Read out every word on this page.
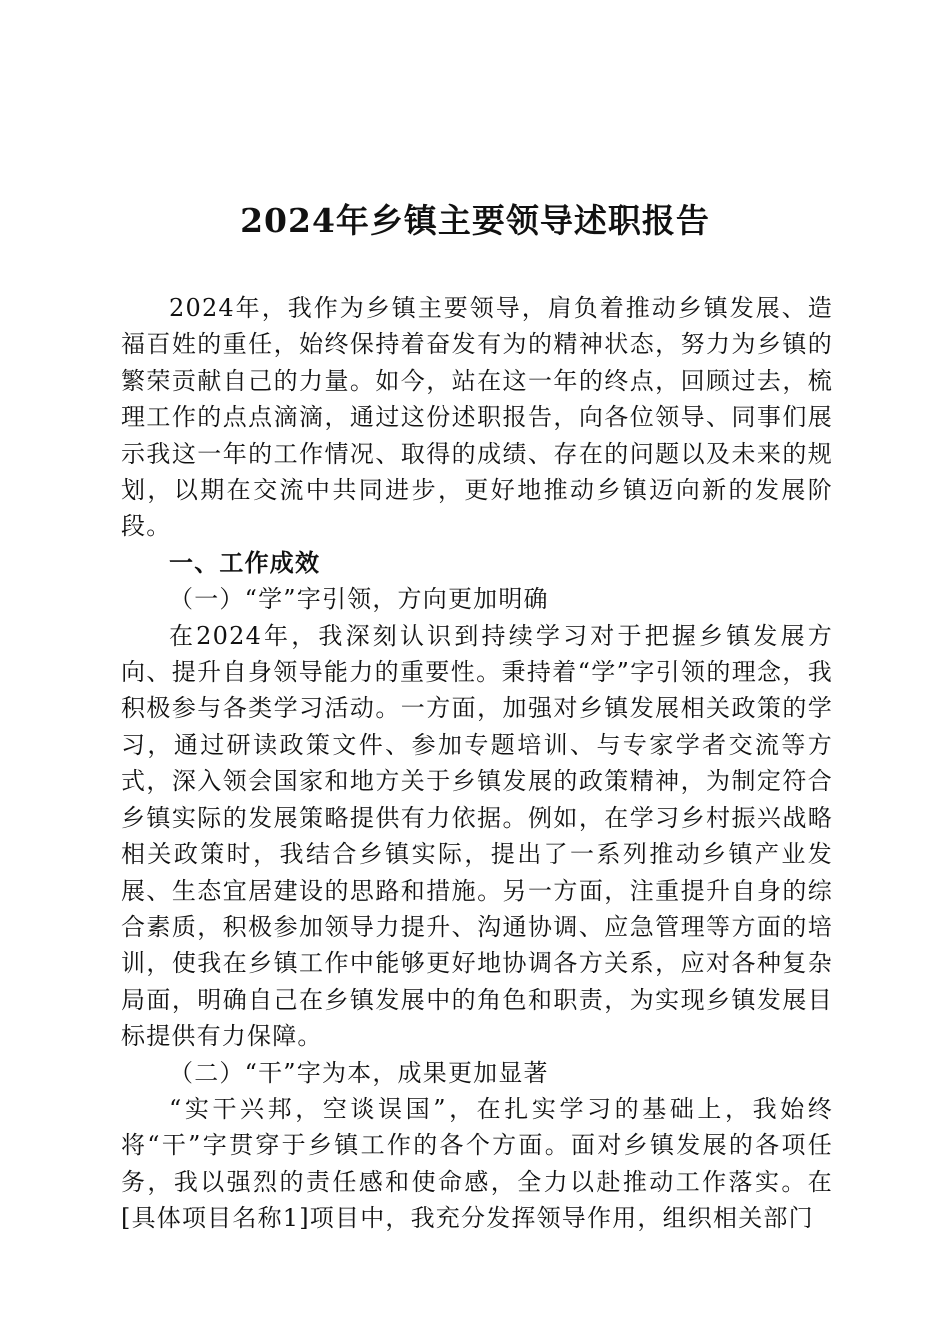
2024年乡镇主要领导述职报告

2024年，我作为乡镇主要领导，肩负着推动乡镇发展、造福百姓的重任，始终保持着奋发有为的精神状态，努力为乡镇的繁荣贡献自己的力量。如今，站在这一年的终点，回顾过去，梳理工作的点点滴滴，通过这份述职报告，向各位领导、同事们展示我这一年的工作情况、取得的成绩、存在的问题以及未来的规划，以期在交流中共同进步，更好地推动乡镇迈向新的发展阶段。

一、工作成效

（一）“学”字引领，方向更加明确

在2024年，我深刻认识到持续学习对于把握乡镇发展方向、提升自身领导能力的重要性。秉持着“学”字引领的理念，我积极参与各类学习活动。一方面，加强对乡镇发展相关政策的学习，通过研读政策文件、参加专题培训、与专家学者交流等方式，深入领会国家和地方关于乡镇发展的政策精神，为制定符合乡镇实际的发展策略提供有力依据。例如，在学习乡村振兴战略相关政策时，我结合乡镇实际，提出了一系列推动乡镇产业发展、生态宜居建设的思路和措施。另一方面，注重提升自身的综合素质，积极参加领导力提升、沟通协调、应急管理等方面的培训，使我在乡镇工作中能够更好地协调各方关系，应对各种复杂局面，明确自己在乡镇发展中的角色和职责，为实现乡镇发展目标提供有力保障。

（二）“干”字为本，成果更加显著

“实干兴邦，空谈误国”，在扎实学习的基础上，我始终将“干”字贯穿于乡镇工作的各个方面。面对乡镇发展的各项任务，我以强烈的责任感和使命感，全力以赴推动工作落实。在[具体项目名称1]项目中，我充分发挥领导作用，组织相关部门
